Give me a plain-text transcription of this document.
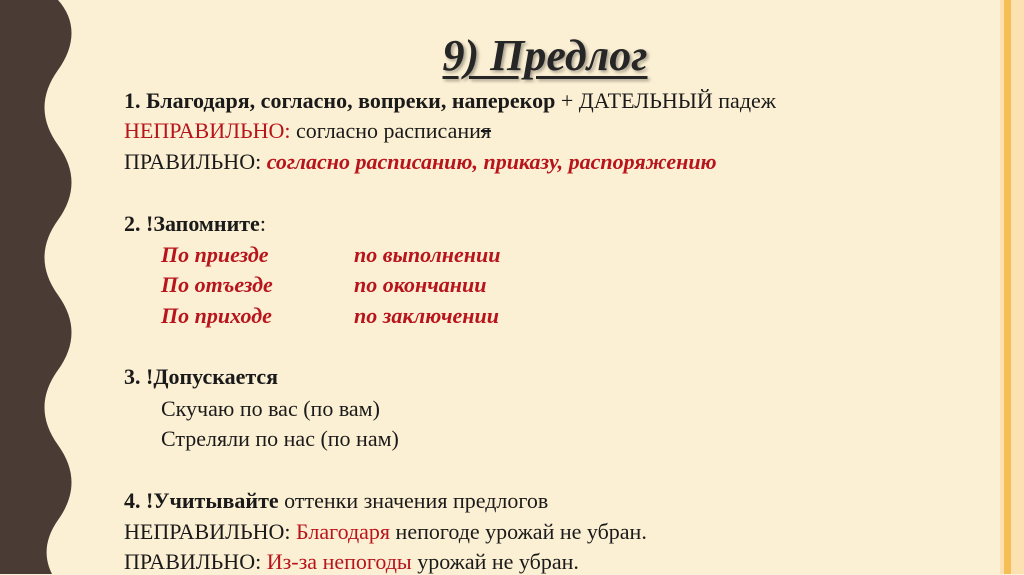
9) Предлог
1. Благодаря, согласно, вопреки, наперекор + ДАТЕЛЬНЫЙ падеж
НЕПРАВИЛЬНО: согласно расписания
ПРАВИЛЬНО: согласно расписанию, приказу, распоряжению
2. !Запомните:
По приезде	по выполнении
По отъезде	по окончании
По приходе	по заключении
3. !Допускается
Скучаю по вас (по вам)
Стреляли по нас (по нам)
4. !Учитывайте оттенки значения предлогов
НЕПРАВИЛЬНО: Благодаря непогоде урожай не убран.
ПРАВИЛЬНО: Из-за непогоды урожай не убран.
